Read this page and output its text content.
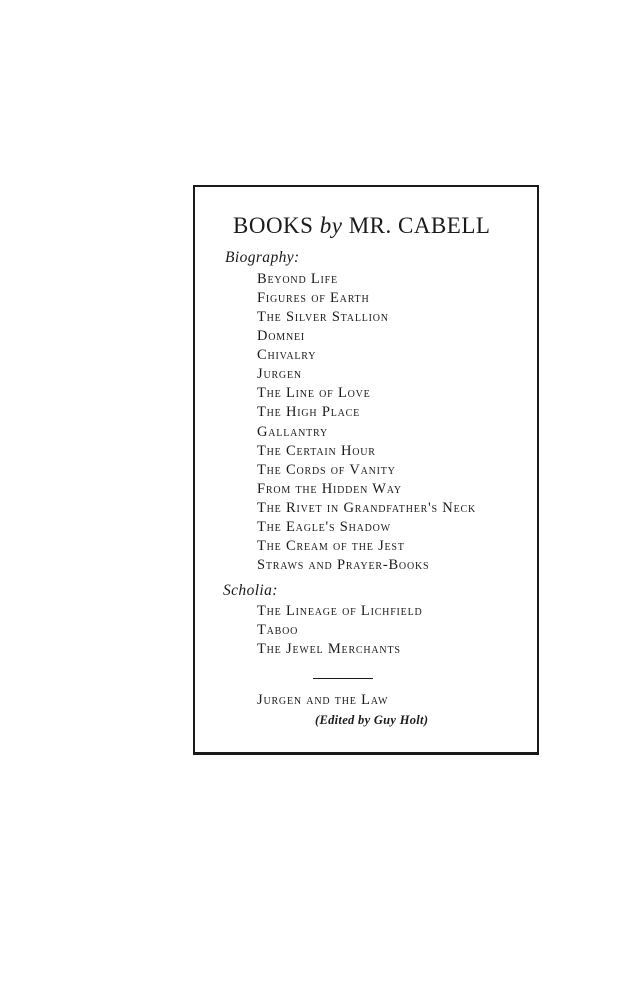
BOOKS by MR. CABELL
Biography:
Beyond Life
Figures of Earth
The Silver Stallion
Domnei
Chivalry
Jurgen
The Line of Love
The High Place
Gallantry
The Certain Hour
The Cords of Vanity
From the Hidden Way
The Rivet in Grandfather's Neck
The Eagle's Shadow
The Cream of the Jest
Straws and Prayer-Books
Scholia:
The Lineage of Lichfield
Taboo
The Jewel Merchants
Jurgen and the Law
(Edited by Guy Holt)
